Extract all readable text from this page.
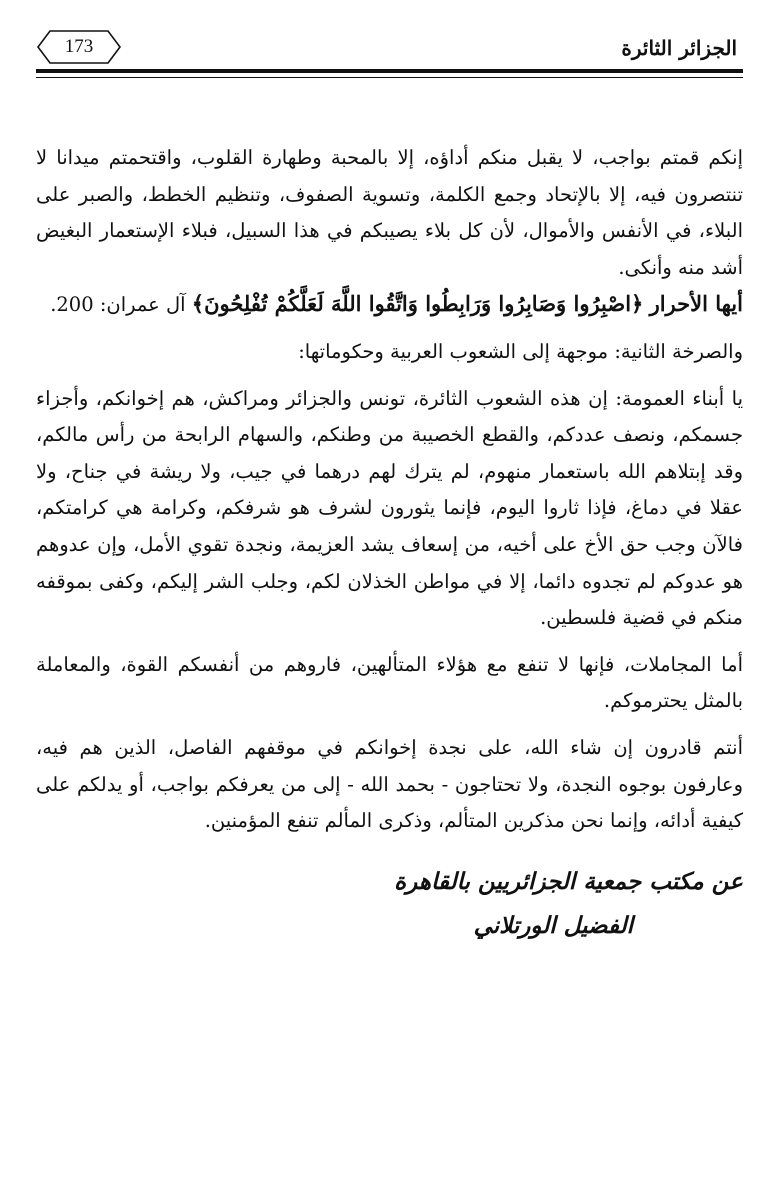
الجزائر الثائرة
173

إنكم قمتم بواجب، لا يقبل منكم أداؤه، إلا بالمحبة وطهارة القلوب، واقتحمتم ميدانا لا تنتصرون فيه، إلا بالإتحاد وجمع الكلمة، وتسوية الصفوف، وتنظيم الخطط، والصبر على البلاء، في الأنفس والأموال، لأن كل بلاء يصيبكم في هذا السبيل، فبلاء الإستعمار البغيض أشد منه وأنكى.

أيها الأحرار ﴿اصْبِرُوا وَصَابِرُوا وَرَابِطُوا وَاتَّقُوا اللَّهَ لَعَلَّكُمْ تُفْلِحُونَ﴾ آل عمران: 200.

والصرخة الثانية: موجهة إلى الشعوب العربية وحكوماتها:

يا أبناء العمومة: إن هذه الشعوب الثائرة، تونس والجزائر ومراكش، هم إخوانكم، وأجزاء جسمكم، ونصف عددكم، والقطع الخصيبة من وطنكم، والسهام الرابحة من رأس مالكم، وقد إبتلاهم الله باستعمار منهوم، لم يترك لهم درهما في جيب، ولا ريشة في جناح، ولا عقلا في دماغ، فإذا ثاروا اليوم، فإنما يثورون لشرف هو شرفكم، وكرامة هي كرامتكم، فالآن وجب حق الأخ على أخيه، من إسعاف يشد العزيمة، ونجدة تقوي الأمل، وإن عدوهم هو عدوكم لم تجدوه دائما، إلا في مواطن الخذلان لكم، وجلب الشر إليكم، وكفى بموقفه منكم في قضية فلسطين.

أما المجاملات، فإنها لا تنفع مع هؤلاء المتألهين، فاروهم من أنفسكم القوة، والمعاملة بالمثل يحترموكم.

أنتم قادرون إن شاء الله، على نجدة إخوانكم في موقفهم الفاصل، الذين هم فيه، وعارفون بوجوه النجدة، ولا تحتاجون - بحمد الله - إلى من يعرفكم بواجب، أو يدلكم على كيفية أدائه، وإنما نحن مذكرين المتألم، وذكرى المألم تنفع المؤمنين.

عن مكتب جمعية الجزائريين بالقاهرة
الفضيل الورتلاني
